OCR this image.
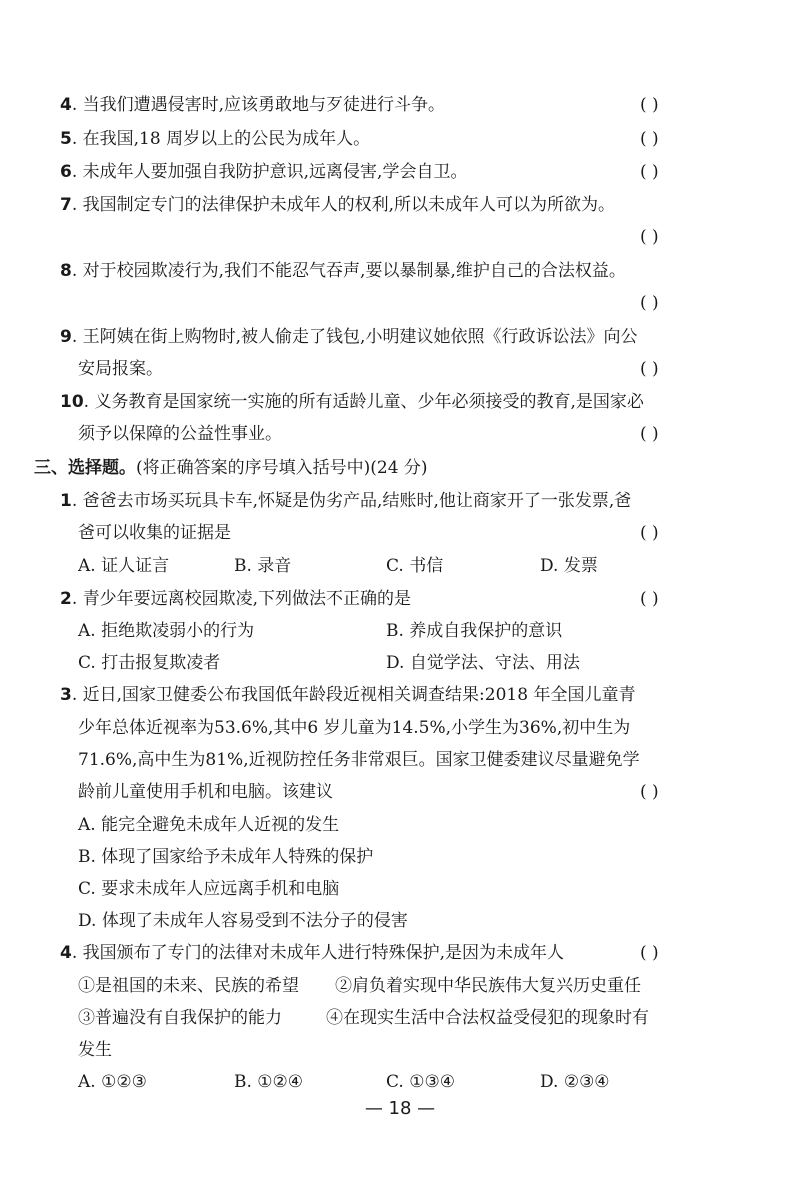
4. 当我们遭遇侵害时,应该勇敢地与歹徒进行斗争。	( )
5. 在我国,18 周岁以上的公民为成年人。	( )
6. 未成年人要加强自我防护意识,远离侵害,学会自卫。	( )
7. 我国制定专门的法律保护未成年人的权利,所以未成年人可以为所欲为。
( )
8. 对于校园欺凌行为,我们不能忍气吞声,要以暴制暴,维护自己的合法权益。
( )
9. 王阿姨在街上购物时,被人偷走了钱包,小明建议她依照《行政诉讼法》向公
安局报案。	( )
10. 义务教育是国家统一实施的所有适龄儿童、少年必须接受的教育,是国家必
须予以保障的公益性事业。	( )
三、选择题。(将正确答案的序号填入括号中)(24 分)
1. 爸爸去市场买玩具卡车,怀疑是伪劣产品,结账时,他让商家开了一张发票,爸
爸可以收集的证据是	( )
A. 证人证言	B. 录音	C. 书信	D. 发票
2. 青少年要远离校园欺凌,下列做法不正确的是	( )
A. 拒绝欺凌弱小的行为	B. 养成自我保护的意识
C. 打击报复欺凌者	D. 自觉学法、守法、用法
3. 近日,国家卫健委公布我国低年龄段近视相关调查结果:2018 年全国儿童青
少年总体近视率为53.6%,其中6 岁儿童为14.5%,小学生为36%,初中生为
71.6%,高中生为81%,近视防控任务非常艰巨。国家卫健委建议尽量避免学
龄前儿童使用手机和电脑。该建议	( )
A. 能完全避免未成年人近视的发生
B. 体现了国家给予未成年人特殊的保护
C. 要求未成年人应远离手机和电脑
D. 体现了未成年人容易受到不法分子的侵害
4. 我国颁布了专门的法律对未成年人进行特殊保护,是因为未成年人	( )
①是祖国的未来、民族的希望 ②肩负着实现中华民族伟大复兴历史重任
③普遍没有自我保护的能力	④在现实生活中合法权益受侵犯的现象时有
发生
A. ①②③	B. ①②④	C. ①③④	D. ②③④
— 18 —
